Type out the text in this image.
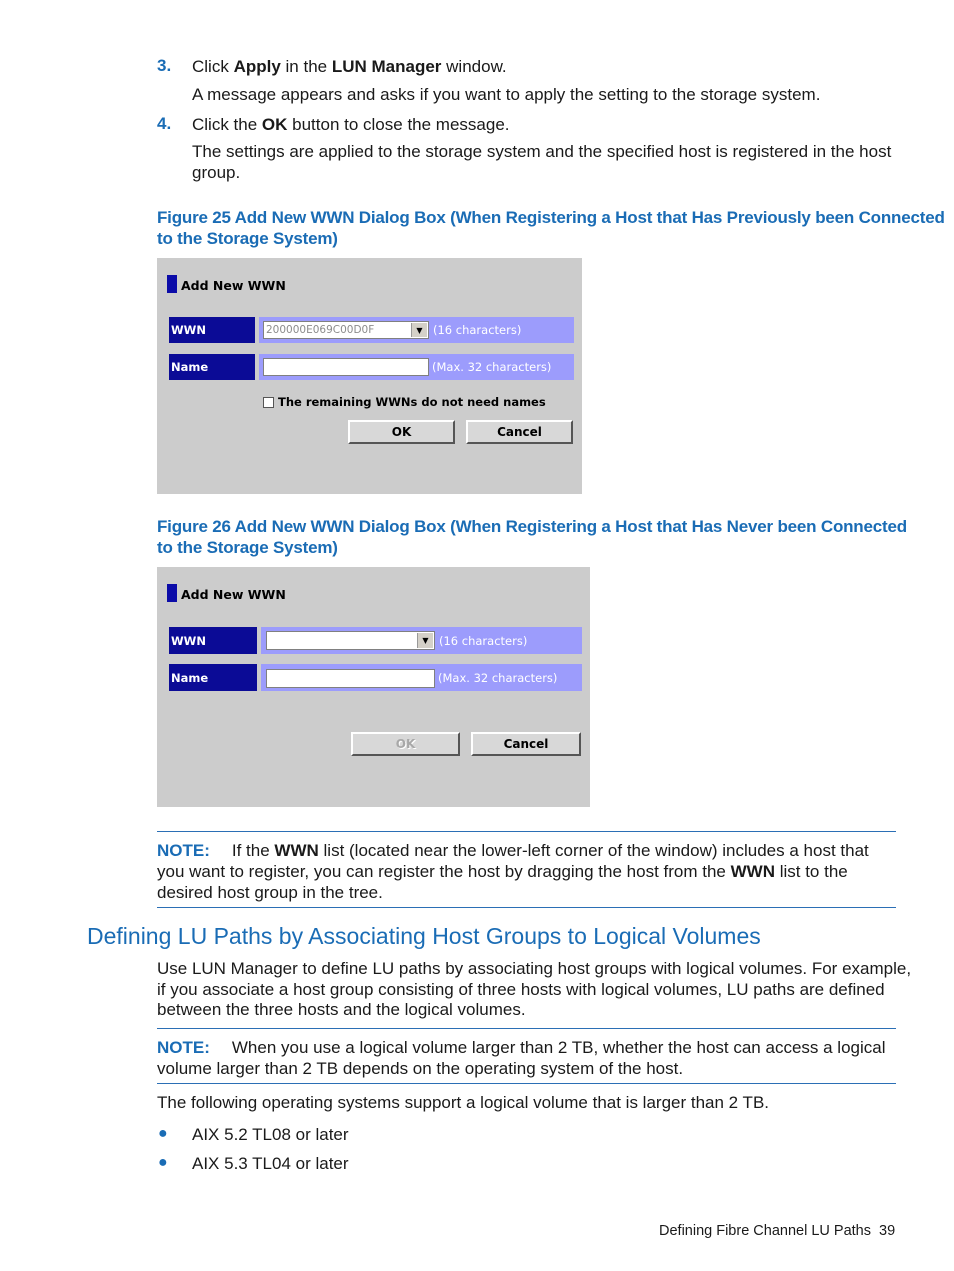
3. Click Apply in the LUN Manager window.
A message appears and asks if you want to apply the setting to the storage system.
4. Click the OK button to close the message.
The settings are applied to the storage system and the specified host is registered in the host
group.
Figure 25 Add New WWN Dialog Box (When Registering a Host that Has Previously been Connected
to the Storage System)
Add New WWN
WWN	200000E069C00D0F	▼ (16 characters)
Name	(Max. 32 characters)
The remaining WWNs do not need names
OK	Cancel
Figure 26 Add New WWN Dialog Box (When Registering a Host that Has Never been Connected
to the Storage System)
Add New WWN
WWN	▼ (16 characters)
Name	(Max. 32 characters)
OK	Cancel
NOTE: If the WWN list (located near the lower-left corner of the window) includes a host that
you want to register, you can register the host by dragging the host from the WWN list to the
desired host group in the tree.
Defining LU Paths by Associating Host Groups to Logical Volumes
Use LUN Manager to define LU paths by associating host groups with logical volumes. For example,
if you associate a host group consisting of three hosts with logical volumes, LU paths are defined
between the three hosts and the logical volumes.
NOTE: When you use a logical volume larger than 2 TB, whether the host can access a logical
volume larger than 2 TB depends on the operating system of the host.
The following operating systems support a logical volume that is larger than 2 TB.
● AIX 5.2 TL08 or later
● AIX 5.3 TL04 or later
Defining Fibre Channel LU Paths 39
